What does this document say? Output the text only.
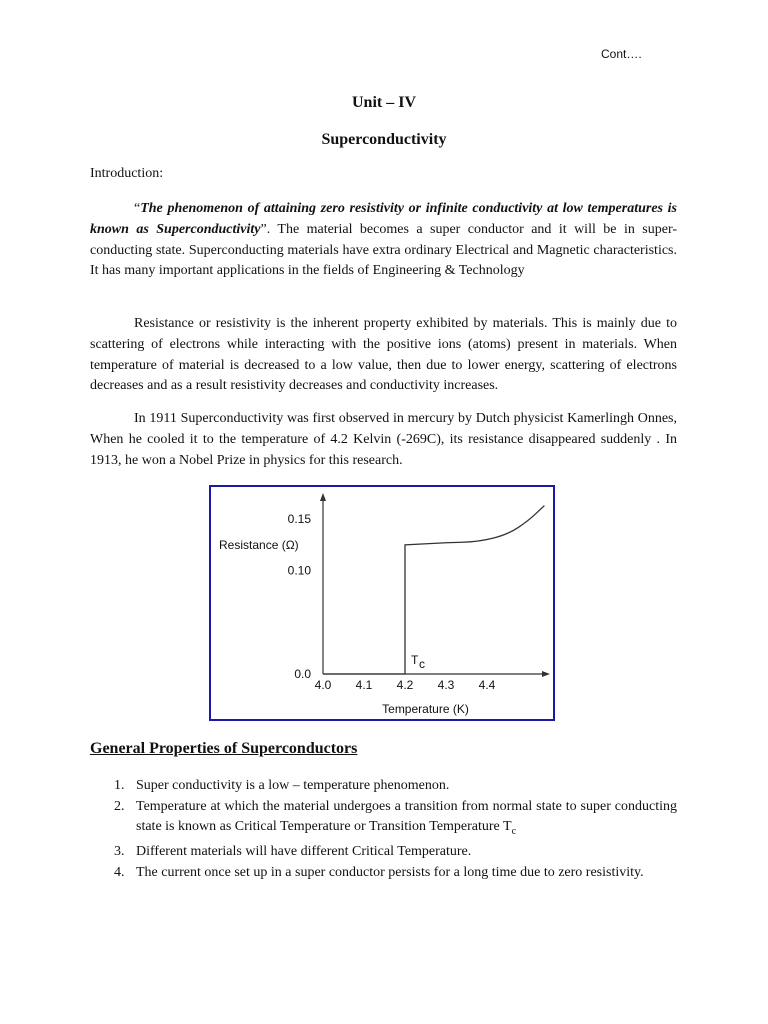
Cont….
Unit – IV
Superconductivity
Introduction:

“The phenomenon of attaining zero resistivity or infinite conductivity at low temperatures is known as Superconductivity”. The material becomes a super conductor and it will be in super-conducting state. Superconducting materials have extra ordinary Electrical and Magnetic characteristics. It has many important applications in the fields of Engineering & Technology

Resistance or resistivity is the inherent property exhibited by materials. This is mainly due to scattering of electrons while interacting with the positive ions (atoms) present in materials. When temperature of material is decreased to a low value, then due to lower energy, scattering of electrons decreases and as a result resistivity decreases and conductivity increases.

In 1911 Superconductivity was first observed in mercury by Dutch physicist Kamerlingh Onnes, When he cooled it to the temperature of 4.2 Kelvin (-269C), its resistance disappeared suddenly . In 1913, he won a Nobel Prize in physics for this research.

4.0 4.1 4.2 4.3 4.4
0.0
0.10
0.15
Resistance (Ω)
Temperature (K)
T c
General Properties of Superconductors
1. Super conductivity is a low – temperature phenomenon.
2. Temperature at which the material undergoes a transition from normal state to super conducting state is known as Critical Temperature or Transition Temperature $T_c$
3. Different materials will have different Critical Temperature.
4. The current once set up in a super conductor persists for a long time due to zero resistivity.
